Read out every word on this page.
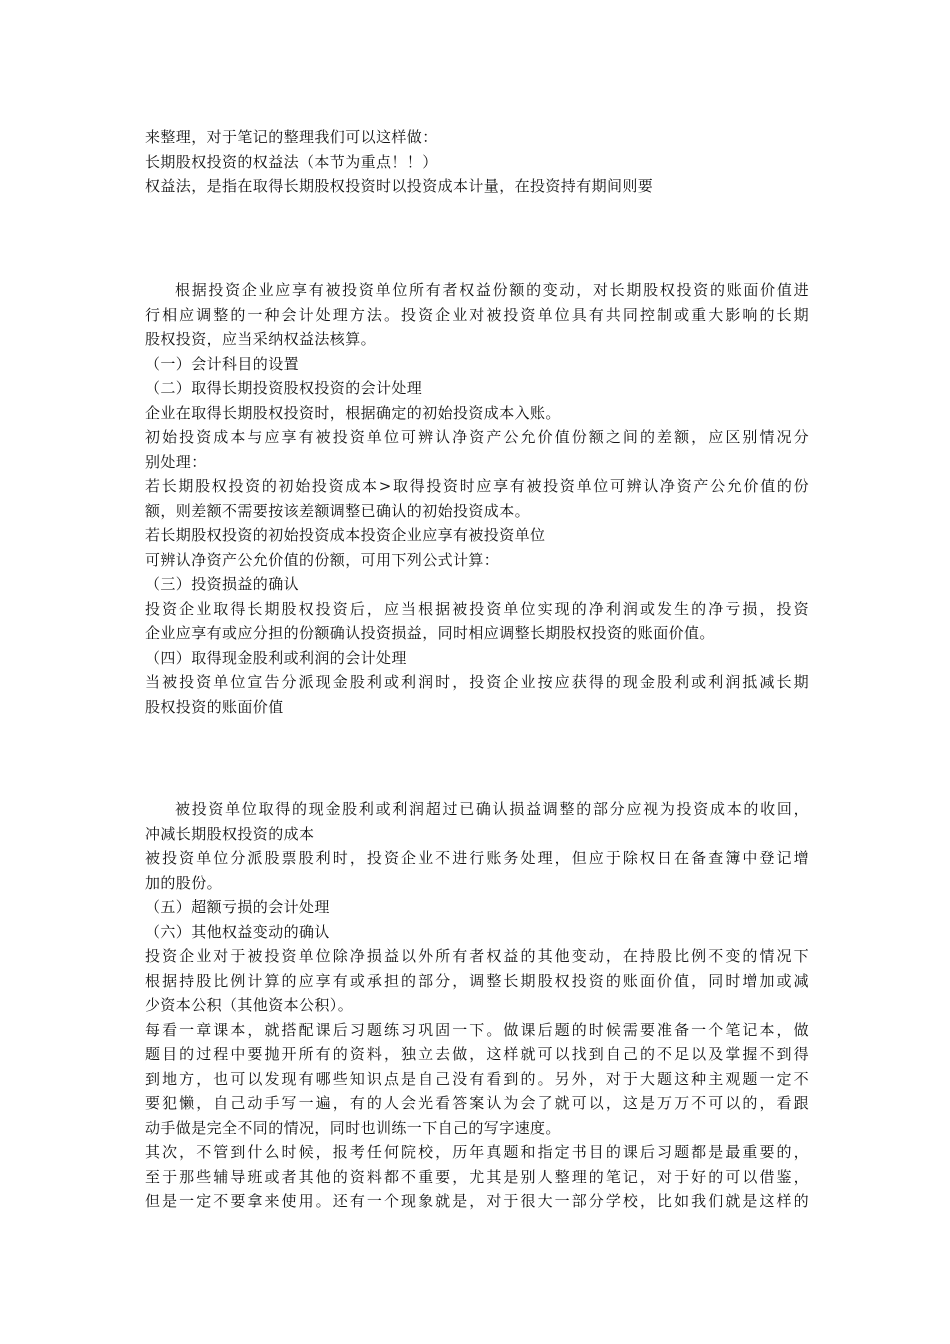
来整理，对于笔记的整理我们可以这样做：
长期股权投资的权益法（本节为重点！！）
权益法，是指在取得长期股权投资时以投资成本计量，在投资持有期间则要
根据投资企业应享有被投资单位所有者权益份额的变动，对长期股权投资的账面价值进
行相应调整的一种会计处理方法。投资企业对被投资单位具有共同控制或重大影响的长期
股权投资，应当采纳权益法核算。
（一）会计科目的设置
（二）取得长期投资股权投资的会计处理
企业在取得长期股权投资时，根据确定的初始投资成本入账。
初始投资成本与应享有被投资单位可辨认净资产公允价值份额之间的差额，应区别情况分
别处理：
若长期股权投资的初始投资成本>取得投资时应享有被投资单位可辨认净资产公允价值的份
额，则差额不需要按该差额调整已确认的初始投资成本。
若长期股权投资的初始投资成本投资企业应享有被投资单位
可辨认净资产公允价值的份额，可用下列公式计算：
（三）投资损益的确认
投资企业取得长期股权投资后，应当根据被投资单位实现的净利润或发生的净亏损，投资
企业应享有或应分担的份额确认投资损益，同时相应调整长期股权投资的账面价值。
（四）取得现金股利或利润的会计处理
当被投资单位宣告分派现金股利或利润时，投资企业按应获得的现金股利或利润抵减长期
股权投资的账面价值
被投资单位取得的现金股利或利润超过已确认损益调整的部分应视为投资成本的收回，
冲减长期股权投资的成本
被投资单位分派股票股利时，投资企业不进行账务处理，但应于除权日在备查簿中登记增
加的股份。
（五）超额亏损的会计处理
（六）其他权益变动的确认
投资企业对于被投资单位除净损益以外所有者权益的其他变动，在持股比例不变的情况下
根据持股比例计算的应享有或承担的部分，调整长期股权投资的账面价值，同时增加或减
少资本公积（其他资本公积）。
每看一章课本，就搭配课后习题练习巩固一下。做课后题的时候需要准备一个笔记本，做
题目的过程中要抛开所有的资料，独立去做，这样就可以找到自己的不足以及掌握不到得
到地方，也可以发现有哪些知识点是自己没有看到的。另外，对于大题这种主观题一定不
要犯懒，自己动手写一遍，有的人会光看答案认为会了就可以，这是万万不可以的，看跟
动手做是完全不同的情况，同时也训练一下自己的写字速度。
其次，不管到什么时候，报考任何院校，历年真题和指定书目的课后习题都是最重要的，
至于那些辅导班或者其他的资料都不重要，尤其是别人整理的笔记，对于好的可以借鉴，
但是一定不要拿来使用。还有一个现象就是，对于很大一部分学校，比如我们就是这样的
